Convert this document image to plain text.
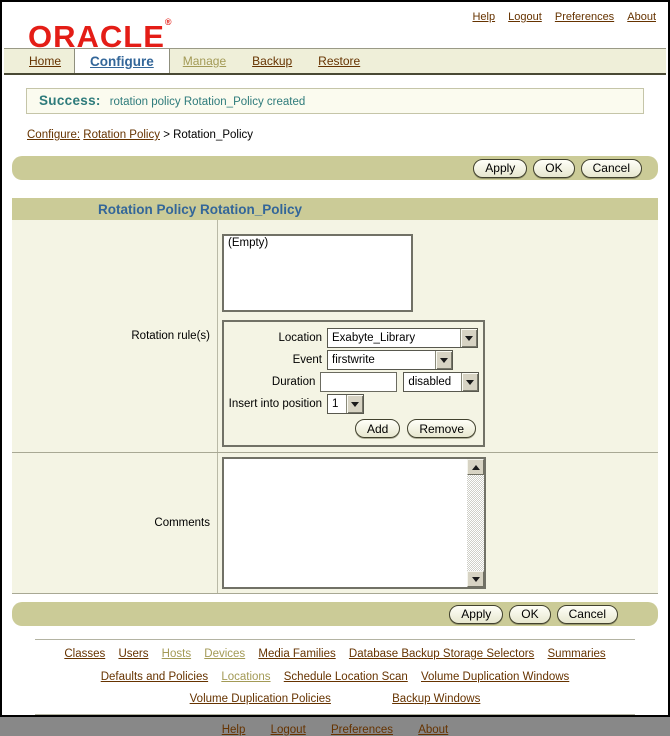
ORACLE®	Help Logout Preferences About
Home Configure Manage Backup Restore
Success: rotation policy Rotation_Policy created
Configure: Rotation Policy > Rotation_Policy
Apply	OK	Cancel
Rotation Policy Rotation_Policy
Rotation rule(s)
(Empty)
Location Exabyte_Library
Event firstwrite
Duration	disabled
Insert into position 1
Add	Remove
Comments
Apply	OK	Cancel
Classes Users Hosts Devices Media Families Database Backup Storage Selectors Summaries
Defaults and Policies Locations Schedule Location Scan Volume Duplication Windows
Volume Duplication Policies	Backup Windows
Help Logout Preferences About
